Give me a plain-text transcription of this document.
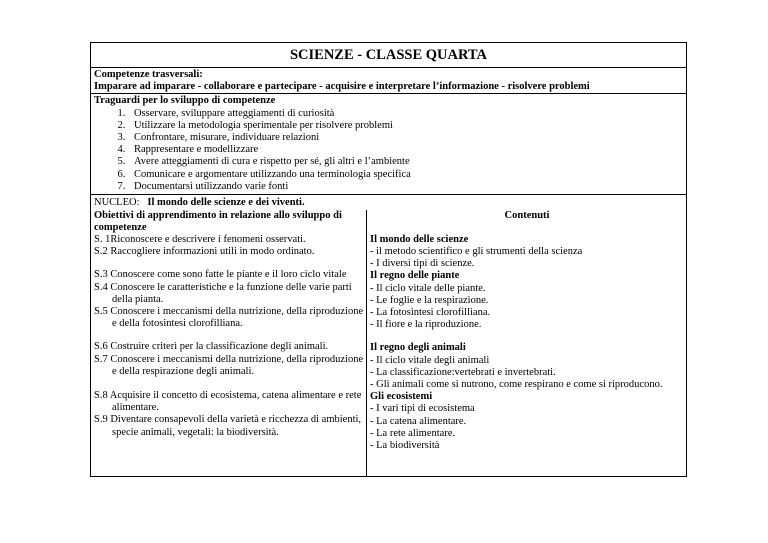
SCIENZE - CLASSE QUARTA
Competenze trasversali:
Imparare ad imparare - collaborare e partecipare - acquisire e interpretare l’informazione - risolvere problemi
Traguardi per lo sviluppo di competenze
1. Osservare, sviluppare atteggiamenti di curiosità
2. Utilizzare la metodologia sperimentale per risolvere problemi
3. Confrontare, misurare, individuare relazioni
4. Rappresentare e modellizzare
5. Avere atteggiamenti di cura e rispetto per sé, gli altri e l’ambiente
6. Comunicare e argomentare utilizzando una terminologia specifica
7. Documentarsi utilizzando varie fonti
NUCLEO: Il mondo delle scienze e dei viventi.
Obiettivi di apprendimento in relazione allo sviluppo di competenze
S. 1Riconoscere e descrivere i fenomeni osservati.
S.2 Raccogliere informazioni utili in modo ordinato.
S.3 Conoscere come sono fatte le piante e il loro ciclo vitale
S.4 Conoscere le caratteristiche e la funzione delle varie parti della pianta.
S.5 Conoscere i meccanismi della nutrizione, della riproduzione e della fotosintesi clorofilliana.
S.6 Costruire criteri per la classificazione degli animali.
S.7 Conoscere i meccanismi della nutrizione, della riproduzione e della respirazione degli animali.
S.8 Acquisire il concetto di ecosistema, catena alimentare e rete alimentare.
S.9 Diventare consapevoli della varietà e ricchezza di ambienti, specie animali, vegetali: la biodiversità.
Contenuti
Il mondo delle scienze
- il metodo scientifico e gli strumenti della scienza
- I diversi tipi di scienze.
Il regno delle piante
- Il ciclo vitale delle piante.
- Le foglie e la respirazione.
- La fotosintesi clorofilliana.
- Il fiore e la riproduzione.
Il regno degli animali
- Il ciclo vitale degli animali
- La classificazione:vertebrati e invertebrati.
- Gli animali come si nutrono, come respirano e come si riproducono.
Gli ecosistemi
- I vari tipi di ecosistema
- La catena alimentare.
- La rete alimentare.
- La biodiversità
